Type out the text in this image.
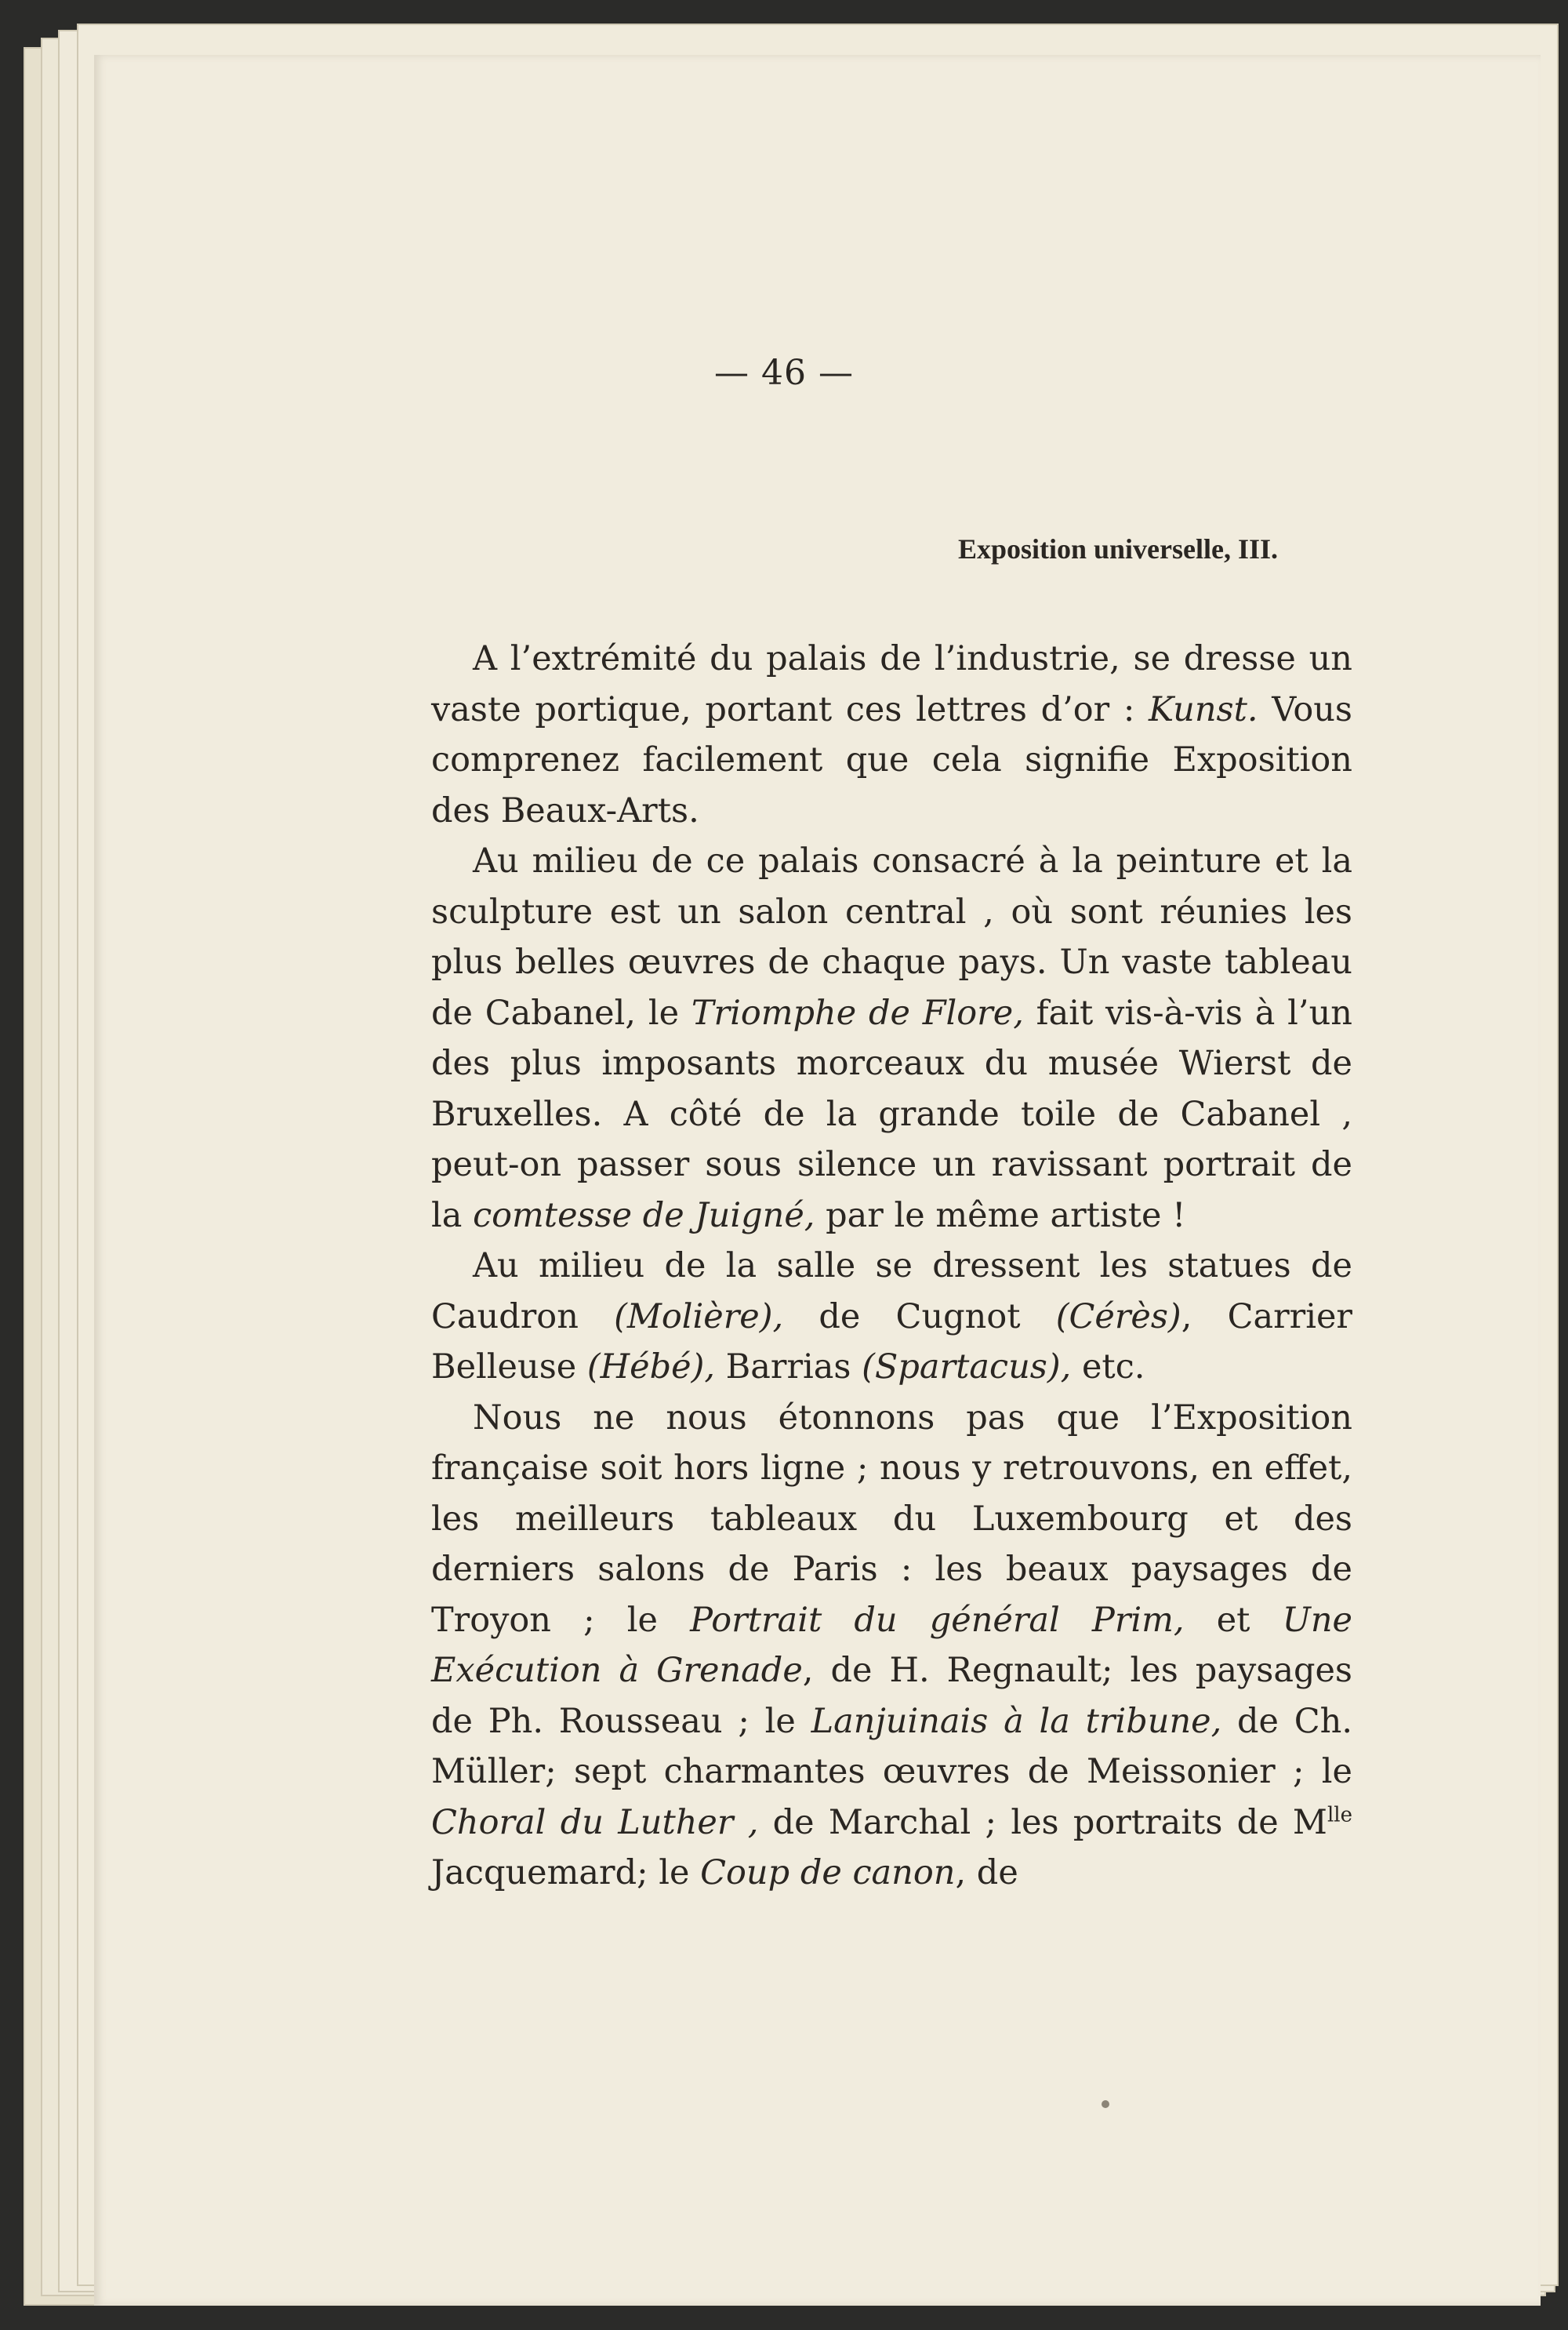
— 46 —
Exposition universelle, III.

A l’extrémité du palais de l’industrie, se dresse un vaste portique, portant ces lettres d’or : Kunst. Vous comprenez facilement que cela signifie Exposition des Beaux-Arts.

Au milieu de ce palais consacré à la peinture et la sculpture est un salon central , où sont réunies les plus belles œuvres de chaque pays. Un vaste tableau de Cabanel, le Triomphe de Flore, fait vis-à-vis à l’un des plus imposants morceaux du musée Wierst de Bruxelles. A côté de la grande toile de Cabanel , peut-on passer sous silence un ravissant portrait de la comtesse de Juigné, par le même artiste !

Au milieu de la salle se dressent les statues de Caudron (Molière), de Cugnot (Cérès), Carrier Belleuse (Hébé), Barrias (Spartacus), etc.

Nous ne nous étonnons pas que l’Exposition française soit hors ligne ; nous y retrouvons, en effet, les meilleurs tableaux du Luxembourg et des derniers salons de Paris : les beaux paysages de Troyon ; le Portrait du général Prim, et Une Exécution à Grenade, de H. Regnault; les paysages de Ph. Rousseau ; le Lanjuinais à la tribune, de Ch. Müller; sept charmantes œuvres de Meissonier ; le Choral du Luther , de Marchal ; les portraits de $M^{lle}$ Jacquemard; le Coup de canon, de
